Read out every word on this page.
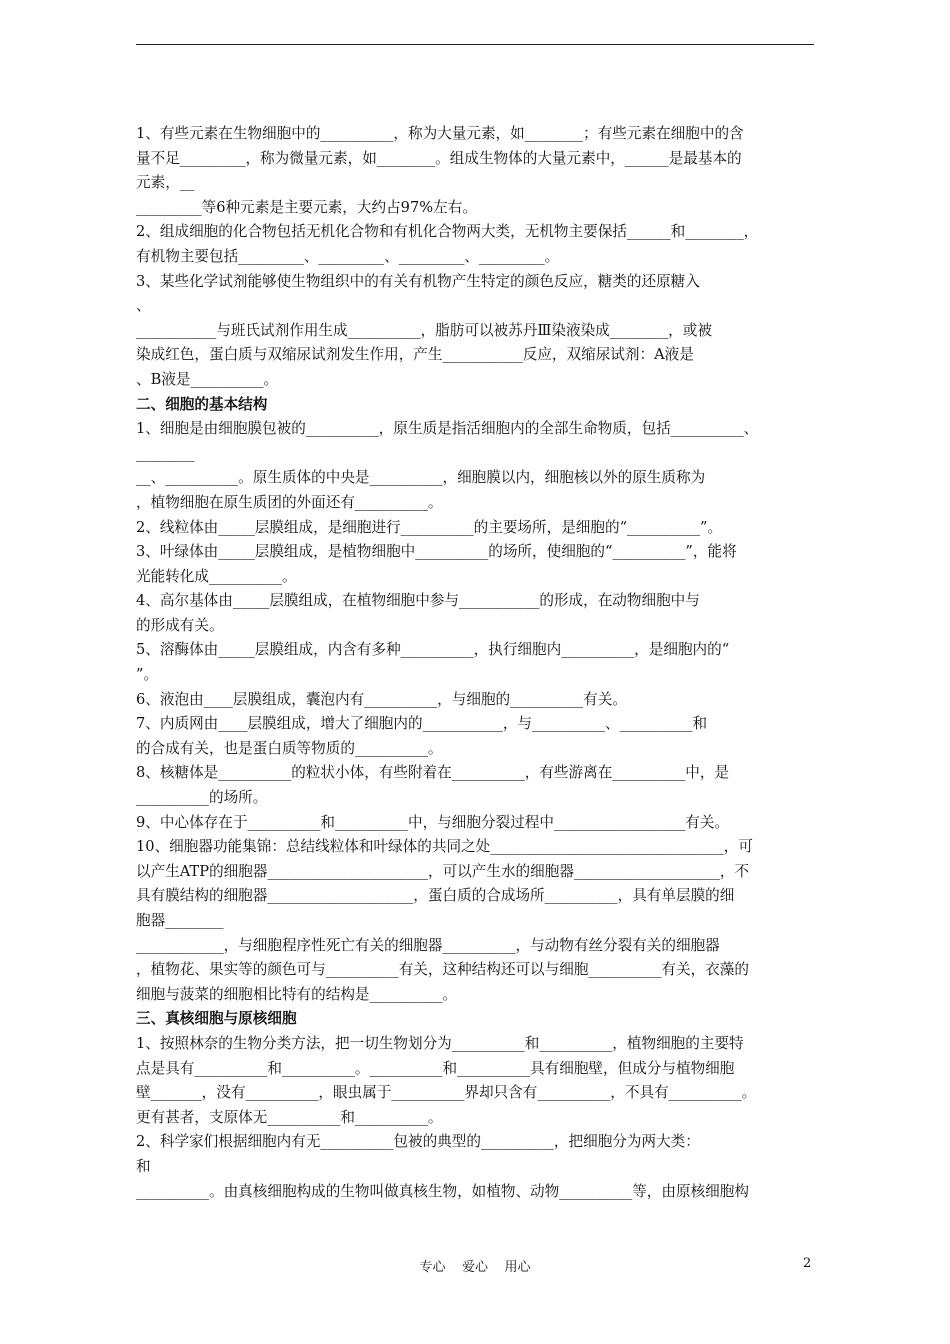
1、有些元素在生物细胞中的__________，称为大量元素，如________；有些元素在细胞中的含
量不足_________，称为微量元素，如________。组成生物体的大量元素中，______是最基本的
元素，__
_________等6种元素是主要元素，大约占97%左右。
2、组成细胞的化合物包括无机化合物和有机化合物两大类，无机物主要保括______和________，
有机物主要包括_________、_________、_________、_________。
3、某些化学试剂能够使生物组织中的有关有机物产生特定的颜色反应，糖类的还原糖入
、
___________与班氏试剂作用生成__________，脂肪可以被苏丹Ⅲ染液染成________，或被
染成红色，蛋白质与双缩尿试剂发生作用，产生___________反应，双缩尿试剂：A液是
、B液是__________。
二、细胞的基本结构
1、细胞是由细胞膜包被的__________，原生质是指活细胞内的全部生命物质，包括__________、
________
__、__________。原生质体的中央是__________，细胞膜以内，细胞核以外的原生质称为
，植物细胞在原生质团的外面还有__________。
2、线粒体由_____层膜组成，是细胞进行__________的主要场所，是细胞的“__________”。
3、叶绿体由_____层膜组成，是植物细胞中__________的场所，使细胞的“__________”，能将
光能转化成__________。
4、高尔基体由_____层膜组成，在植物细胞中参与___________的形成，在动物细胞中与
的形成有关。
5、溶酶体由_____层膜组成，内含有多种__________，执行细胞内__________，是细胞内的“
”。
6、液泡由____层膜组成，囊泡内有__________，与细胞的__________有关。
7、内质网由____层膜组成，增大了细胞内的___________，与__________、__________和
的合成有关，也是蛋白质等物质的__________。
8、核糖体是__________的粒状小体，有些附着在__________，有些游离在__________中，是
__________的场所。
9、中心体存在于__________和__________中，与细胞分裂过程中__________________有关。
10、细胞器功能集锦：总结线粒体和叶绿体的共同之处________________________________，可
以产生ATP的细胞器______________________，可以产生水的细胞器____________________，不
具有膜结构的细胞器____________________，蛋白质的合成场所__________，具有单层膜的细
胞器________
____________，与细胞程序性死亡有关的细胞器__________，与动物有丝分裂有关的细胞器
，植物花、果实等的颜色可与__________有关，这种结构还可以与细胞__________有关，衣藻的
细胞与菠菜的细胞相比特有的结构是__________。
三、真核细胞与原核细胞
1、按照林奈的生物分类方法，把一切生物划分为__________和__________，植物细胞的主要特
点是具有__________和__________。__________和__________具有细胞壁，但成分与植物细胞
壁_______，没有__________，眼虫属于__________界却只含有__________，不具有__________。
更有甚者，支原体无__________和__________。
2、科学家们根据细胞内有无__________包被的典型的__________，把细胞分为两大类：
和
__________。由真核细胞构成的生物叫做真核生物，如植物、动物__________等，由原核细胞构
专心    爱心    用心	2
